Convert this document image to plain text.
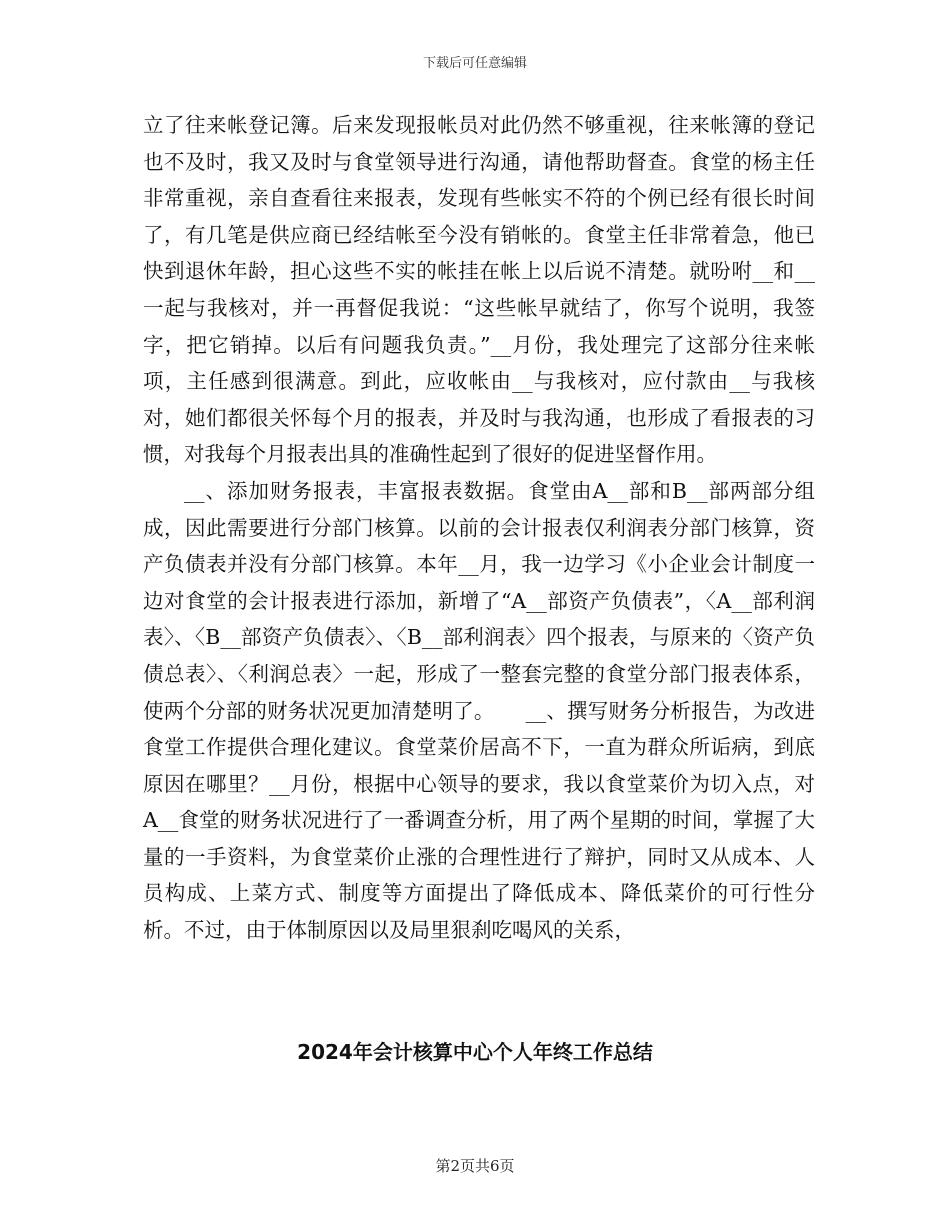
下载后可任意编辑

立了往来帐登记簿。后来发现报帐员对此仍然不够重视，往来帐簿的登记也不及时，我又及时与食堂领导进行沟通，请他帮助督查。食堂的杨主任非常重视，亲自查看往来报表，发现有些帐实不符的个例已经有很长时间了，有几笔是供应商已经结帐至今没有销帐的。食堂主任非常着急，他已快到退休年龄，担心这些不实的帐挂在帐上以后说不清楚。就吩咐__和__一起与我核对，并一再督促我说：“这些帐早就结了，你写个说明，我签字，把它销掉。以后有问题我负责。”__月份，我处理完了这部分往来帐项，主任感到很满意。到此，应收帐由__与我核对，应付款由__与我核对，她们都很关怀每个月的报表，并及时与我沟通，也形成了看报表的习惯，对我每个月报表出具的准确性起到了很好的促进坚督作用。

__、添加财务报表，丰富报表数据。食堂由A__部和B__部两部分组成，因此需要进行分部门核算。以前的会计报表仅利润表分部门核算，资产负债表并没有分部门核算。本年__月，我一边学习《小企业会计制度一边对食堂的会计报表进行添加，新增了“A__部资产负债表”，〈A__部利润表〉、〈B__部资产负债表〉、〈B__部利润表〉四个报表，与原来的〈资产负债总表〉、〈利润总表〉一起，形成了一整套完整的食堂分部门报表体系，使两个分部的财务状况更加清楚明了。　　__、撰写财务分析报告，为改进食堂工作提供合理化建议。食堂菜价居高不下，一直为群众所诟病，到底原因在哪里？__月份，根据中心领导的要求，我以食堂菜价为切入点，对A__食堂的财务状况进行了一番调查分析，用了两个星期的时间，掌握了大量的一手资料，为食堂菜价止涨的合理性进行了辩护，同时又从成本、人员构成、上菜方式、制度等方面提出了降低成本、降低菜价的可行性分析。不过，由于体制原因以及局里狠刹吃喝风的关系，

2024年会计核算中心个人年终工作总结
第2页共6页
